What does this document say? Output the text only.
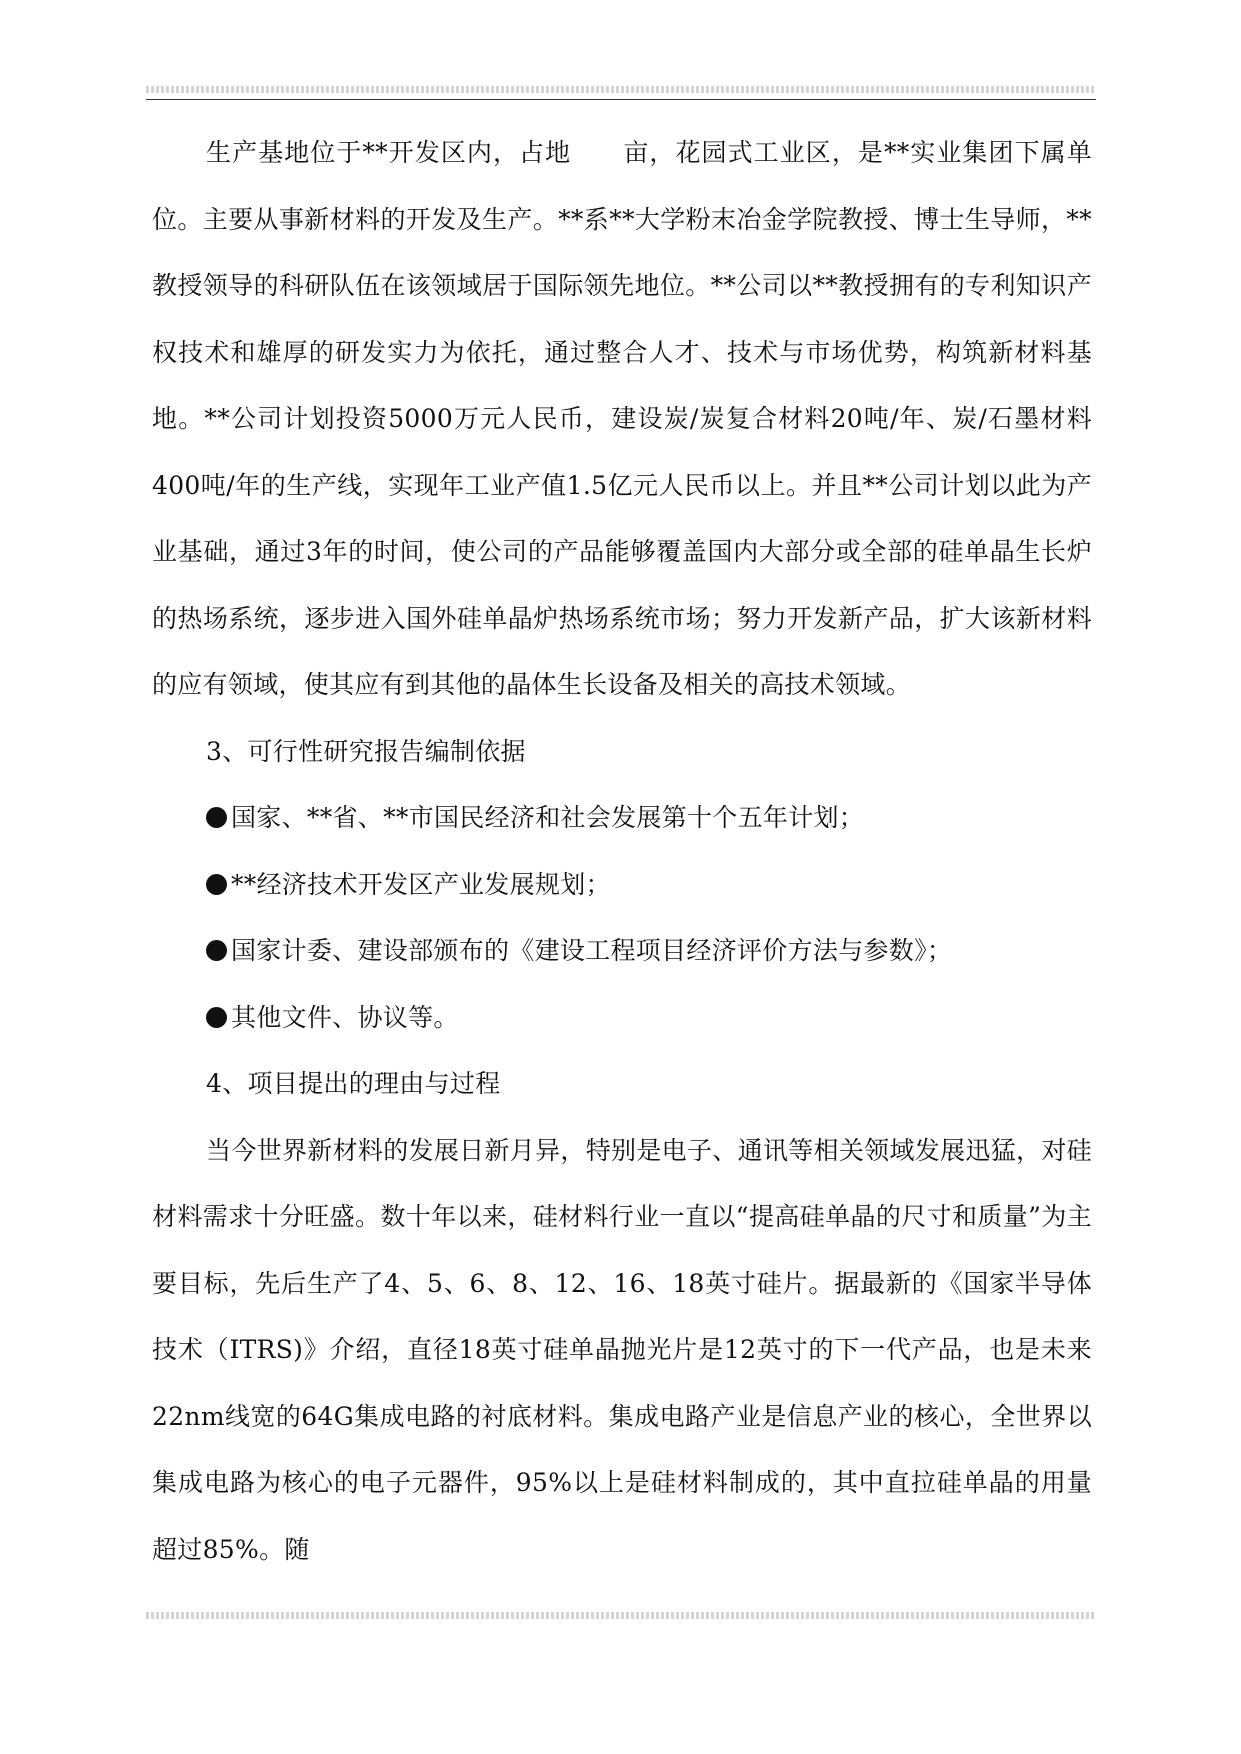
生产基地位于**开发区内，占地　　亩，花园式工业区，是**实业集团下属单位。主要从事新材料的开发及生产。**系**大学粉末冶金学院教授、博士生导师，**教授领导的科研队伍在该领域居于国际领先地位。**公司以**教授拥有的专利知识产权技术和雄厚的研发实力为依托，通过整合人才、技术与市场优势，构筑新材料基地。**公司计划投资5000万元人民币，建设炭/炭复合材料20吨/年、炭/石墨材料400吨/年的生产线，实现年工业产值1.5亿元人民币以上。并且**公司计划以此为产业基础，通过3年的时间，使公司的产品能够覆盖国内大部分或全部的硅单晶生长炉的热场系统，逐步进入国外硅单晶炉热场系统市场；努力开发新产品，扩大该新材料的应有领域，使其应有到其他的晶体生长设备及相关的高技术领域。

3、可行性研究报告编制依据

国家、**省、**市国民经济和社会发展第十个五年计划；

**经济技术开发区产业发展规划；

国家计委、建设部颁布的《建设工程项目经济评价方法与参数》；

其他文件、协议等。

4、项目提出的理由与过程

当今世界新材料的发展日新月异，特别是电子、通讯等相关领域发展迅猛，对硅材料需求十分旺盛。数十年以来，硅材料行业一直以“提高硅单晶的尺寸和质量”为主要目标，先后生产了4、5、6、8、12、16、18英寸硅片。据最新的《国家半导体技术（ITRS)》介绍，直径18英寸硅单晶抛光片是12英寸的下一代产品，也是未来22nm线宽的64G集成电路的衬底材料。集成电路产业是信息产业的核心，全世界以集成电路为核心的电子元器件，95%以上是硅材料制成的，其中直拉硅单晶的用量超过85%。随
